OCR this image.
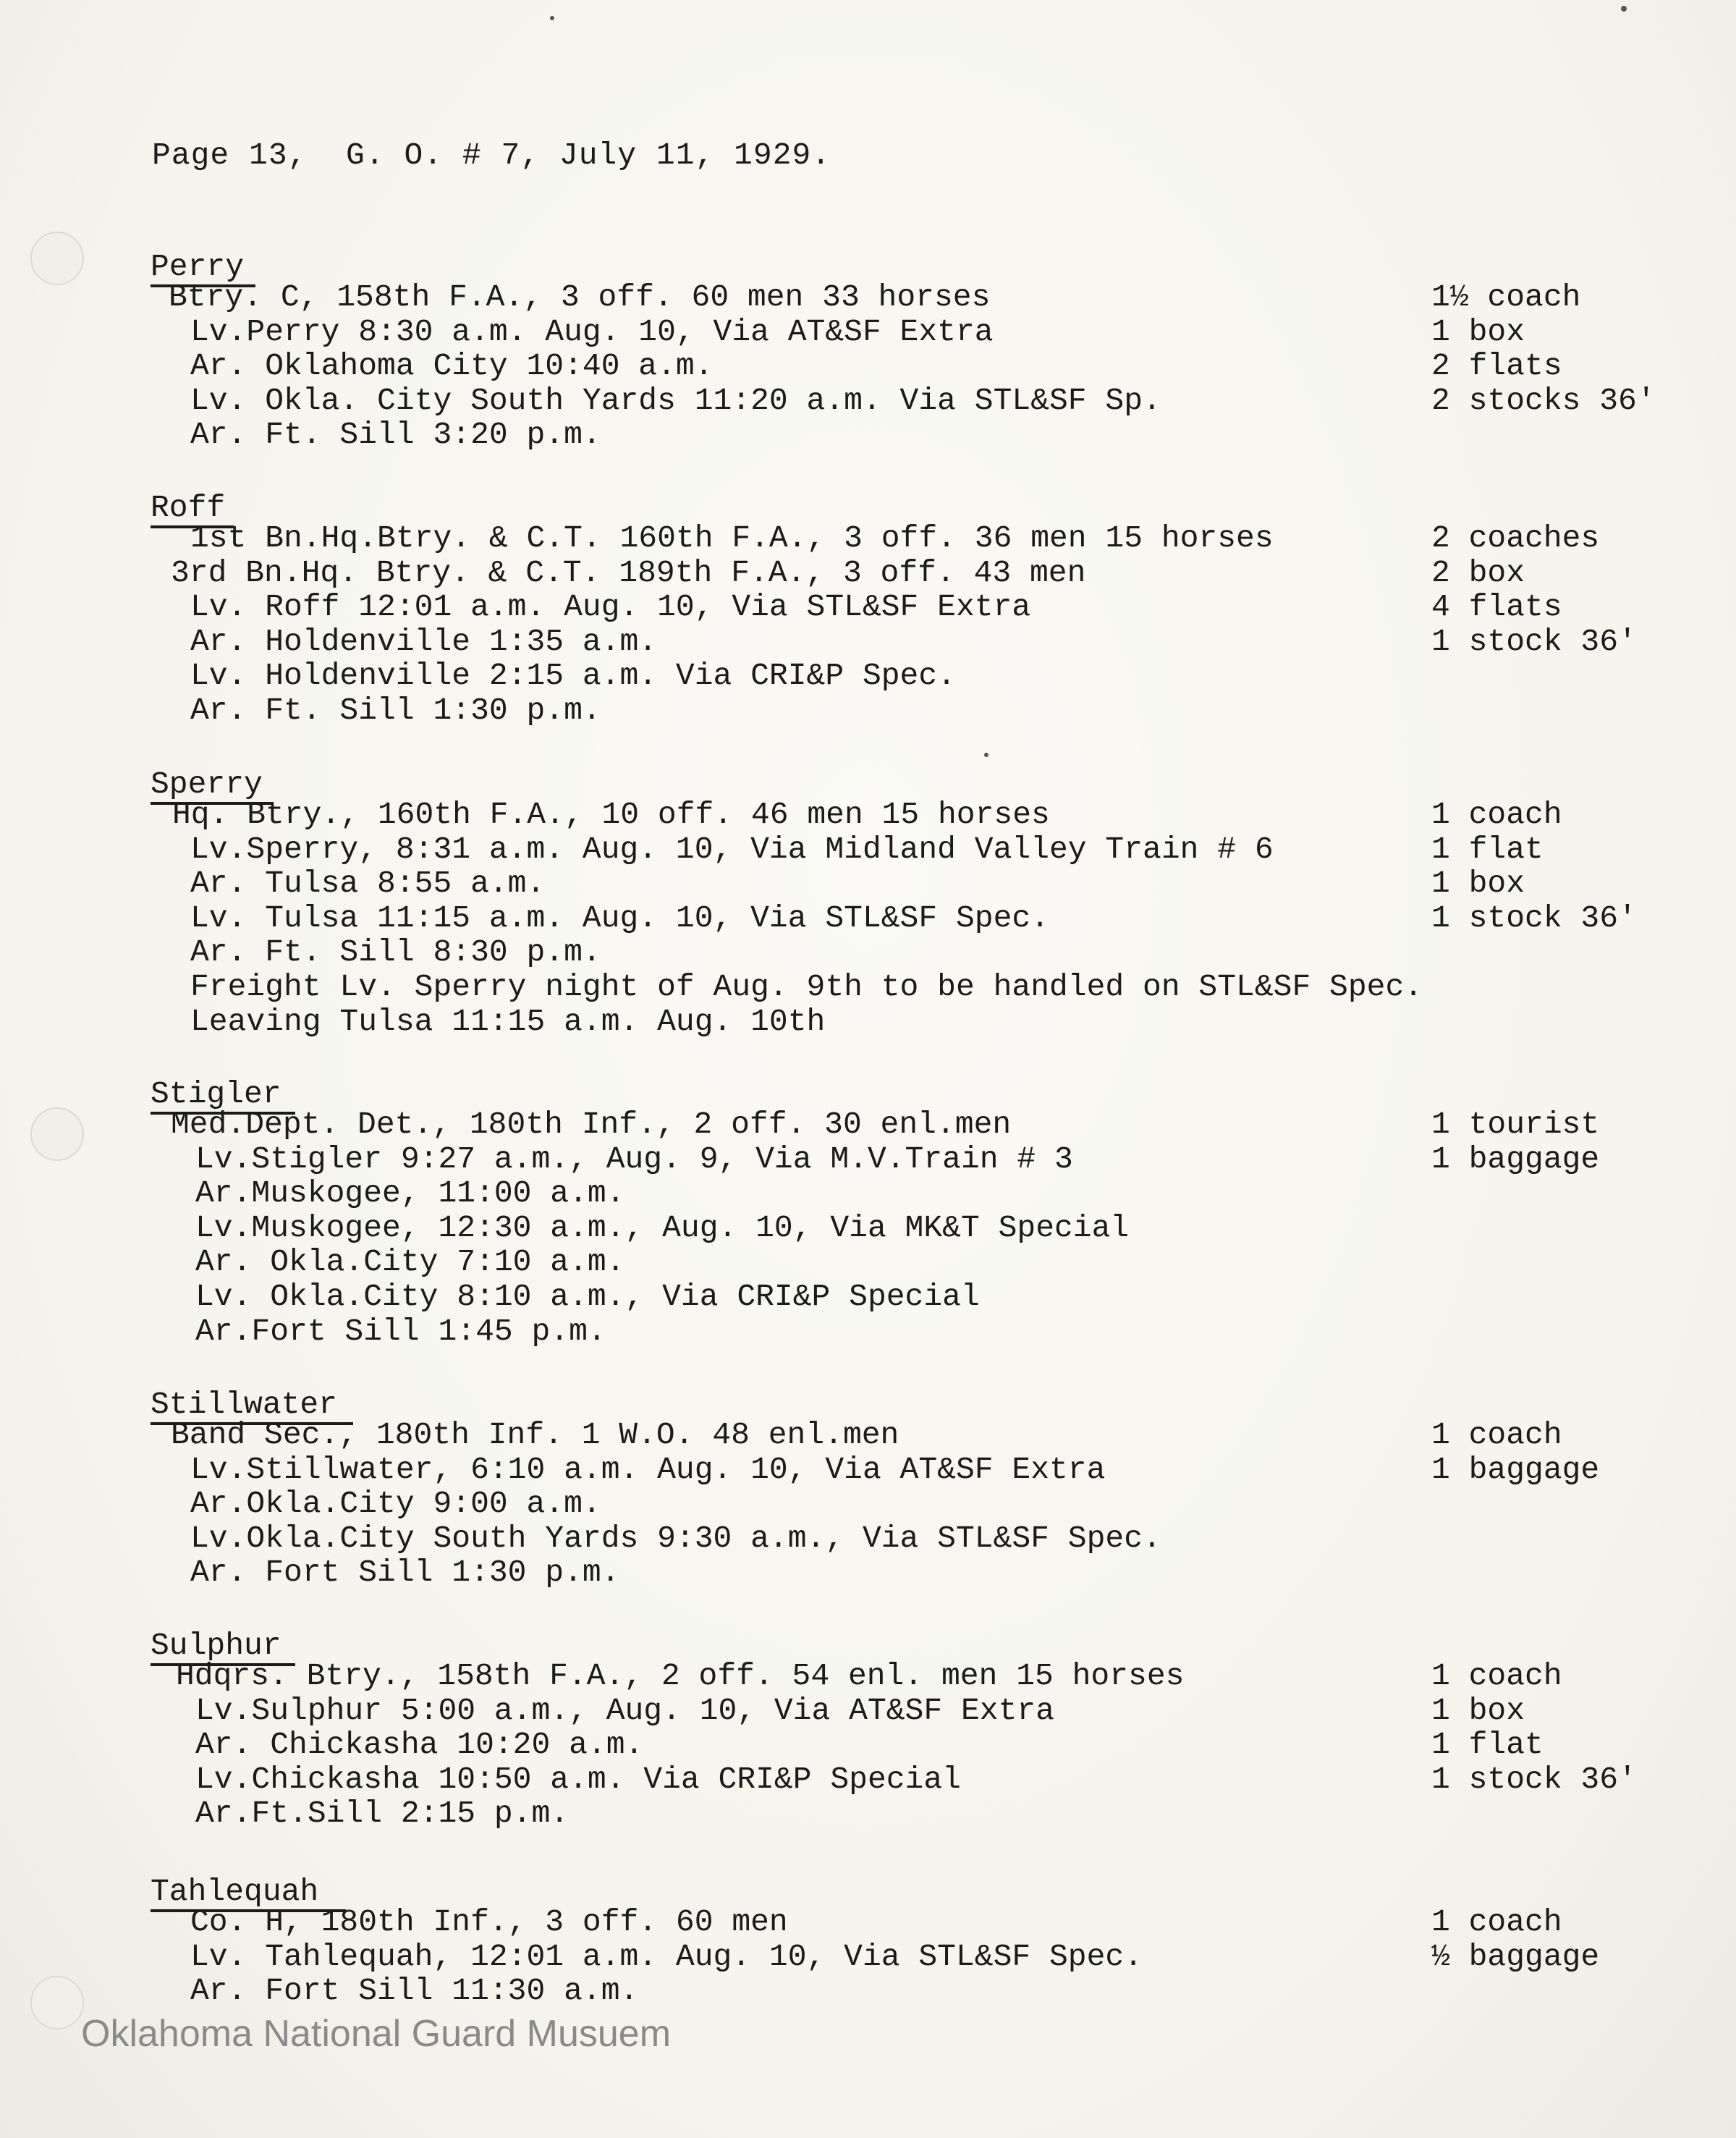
Page 13,  G. O. # 7, July 11, 1929.
Perry
Btry. C, 158th F.A., 3 off. 60 men 33 horses
Lv.Perry 8:30 a.m. Aug. 10, Via AT&SF Extra
Ar. Oklahoma City 10:40 a.m.
Lv. Okla. City South Yards 11:20 a.m. Via STL&SF Sp.
Ar. Ft. Sill 3:20 p.m.
1½ coach
1 box
2 flats
2 stocks 36'
Roff
1st Bn.Hq.Btry. & C.T. 160th F.A., 3 off. 36 men 15 horses
3rd Bn.Hq. Btry. & C.T. 189th F.A., 3 off. 43 men
Lv. Roff 12:01 a.m. Aug. 10, Via STL&SF Extra
Ar. Holdenville 1:35 a.m.
Lv. Holdenville 2:15 a.m. Via CRI&P Spec.
Ar. Ft. Sill 1:30 p.m.
2 coaches
2 box
4 flats
1 stock 36'
Sperry
Hq. Btry., 160th F.A., 10 off. 46 men 15 horses
Lv.Sperry, 8:31 a.m. Aug. 10, Via Midland Valley Train # 6
Ar. Tulsa 8:55 a.m.
Lv. Tulsa 11:15 a.m. Aug. 10, Via STL&SF Spec.
Ar. Ft. Sill 8:30 p.m.
Freight Lv. Sperry night of Aug. 9th to be handled on STL&SF Spec.
Leaving Tulsa 11:15 a.m. Aug. 10th
1 coach
1 flat
1 box
1 stock 36'
Stigler
Med.Dept. Det., 180th Inf., 2 off. 30 enl.men
Lv.Stigler 9:27 a.m., Aug. 9, Via M.V.Train # 3
Ar.Muskogee, 11:00 a.m.
Lv.Muskogee, 12:30 a.m., Aug. 10, Via MK&T Special
Ar. Okla.City 7:10 a.m.
Lv. Okla.City 8:10 a.m., Via CRI&P Special
Ar.Fort Sill 1:45 p.m.
1 tourist
1 baggage
Stillwater
Band Sec., 180th Inf. 1 W.O. 48 enl.men
Lv.Stillwater, 6:10 a.m. Aug. 10, Via AT&SF Extra
Ar.Okla.City 9:00 a.m.
Lv.Okla.City South Yards 9:30 a.m., Via STL&SF Spec.
Ar. Fort Sill 1:30 p.m.
1 coach
1 baggage
Sulphur
Hdqrs. Btry., 158th F.A., 2 off. 54 enl. men 15 horses
Lv.Sulphur 5:00 a.m., Aug. 10, Via AT&SF Extra
Ar. Chickasha 10:20 a.m.
Lv.Chickasha 10:50 a.m. Via CRI&P Special
Ar.Ft.Sill 2:15 p.m.
1 coach
1 box
1 flat
1 stock 36'
Tahlequah
Co. H, 180th Inf., 3 off. 60 men
Lv. Tahlequah, 12:01 a.m. Aug. 10, Via STL&SF Spec.
Ar. Fort Sill 11:30 a.m.
1 coach
½ baggage
Oklahoma National Guard Musuem
